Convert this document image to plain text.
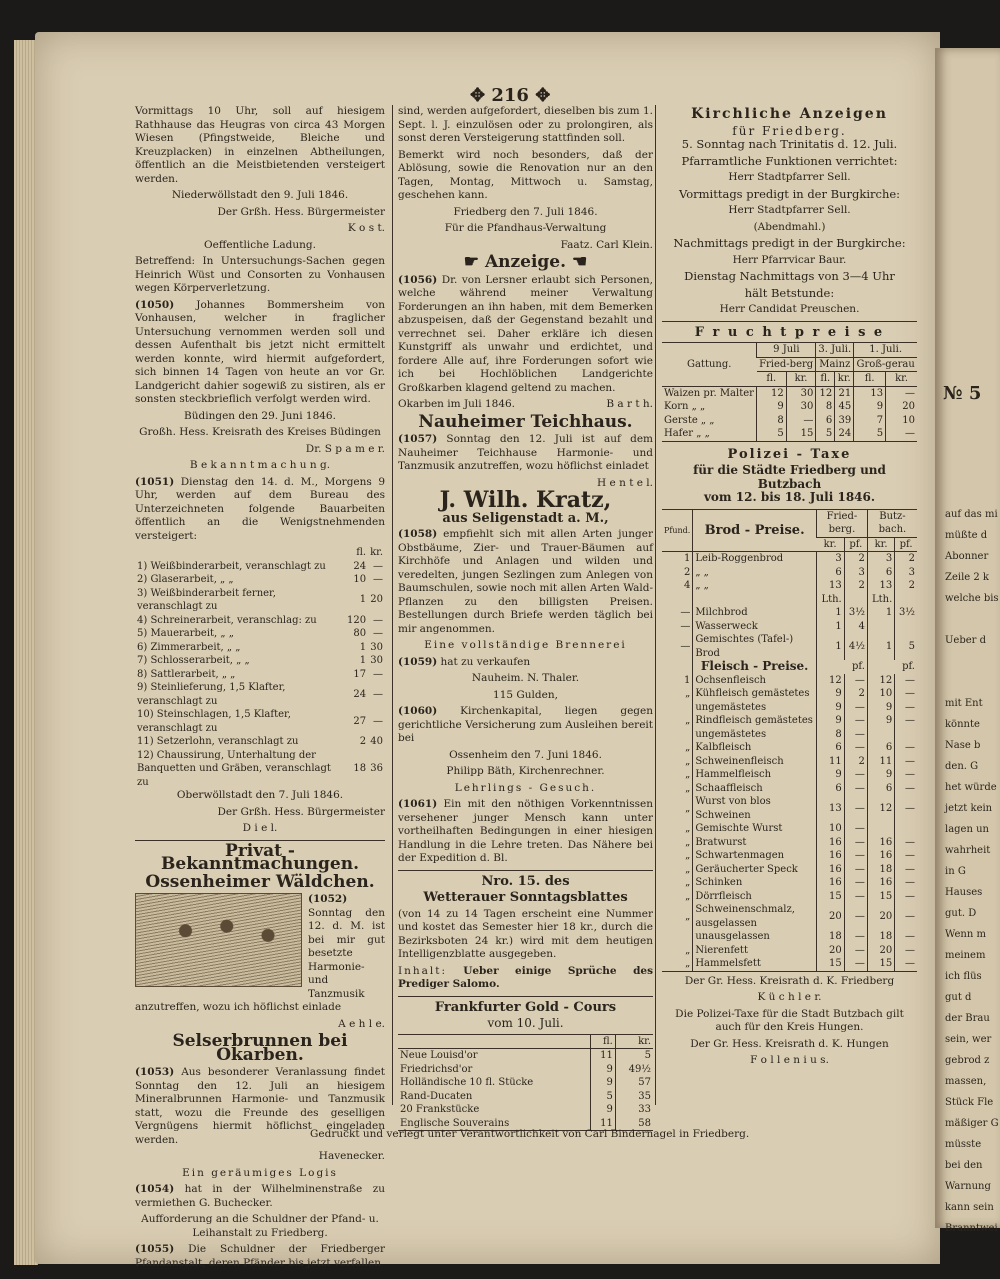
№ 5
auf das mi
müßte d
Abonner
Zeile 2 k
welche bis
Ueber d
mit Ent
könnte
Nase b
den. G
het würde
jetzt kein
lagen un
wahrheit
in G
Hauses
gut. D
Wenn m
meinem
ich flüs
gut d
der Brau
sein, wer
gebrod z
massen,
Stück Fle
mäßiger G
müsste
bei den
Warnung
kann sein
Branntwei
✥ 216 ✥

Vormittags 10 Uhr, soll auf hiesigem Rathhause das Heugras von circa 43 Morgen Wiesen (Pfingstweide, Bleiche und Kreuzplacken) in einzelnen Abtheilungen, öffentlich an die Meistbietenden versteigert werden.

Niederwöllstadt den 9. Juli 1846.

Der Grßh. Hess. Bürgermeister

K o s t.

Oeffentliche Ladung.

Betreffend: In Untersuchungs-Sachen gegen Heinrich Wüst und Consorten zu Vonhausen wegen Körperverletzung.

(1050) Johannes Bommersheim von Vonhausen, welcher in fraglicher Untersuchung vernommen werden soll und dessen Aufenthalt bis jetzt nicht ermittelt werden konnte, wird hiermit aufgefordert, sich binnen 14 Tagen von heute an vor Gr. Landgericht dahier sogewiß zu sistiren, als er sonsten steckbrieflich verfolgt werden wird.

Büdingen den 29. Juni 1846.

Großh. Hess. Kreisrath des Kreises Büdingen

Dr. S p a m e r.

B e k a n n t m a c h u n g.

(1051) Dienstag den 14. d. M., Morgens 9 Uhr, werden auf dem Bureau des Unterzeichneten folgende Bauarbeiten öffentlich an die Wenigstnehmenden versteigert:

	fl.	kr.
1) Weißbinderarbeit, veranschlagt zu	24	—
2) Glaserarbeit, „ „	10	—
3) Weißbinderarbeit ferner, veranschlagt zu	1	20
4) Schreinerarbeit, veranschlag: zu	120	—
5) Mauerarbeit, „ „	80	—
6) Zimmerarbeit, „ „	1	30
7) Schlosserarbeit, „ „	1	30
8) Sattlerarbeit, „ „	17	—
9) Steinlieferung, 1,5 Klafter, veranschlagt zu	24	—
10) Steinschlagen, 1,5 Klafter, veranschlagt zu	27	—
11) Setzerlohn, veranschlagt zu	2	40
12) Chaussirung, Unterhaltung der Banquetten und Gräben, veranschlagt zu	18	36

Oberwöllstadt den 7. Juli 1846.

Der Grßh. Hess. Bürgermeister

D i e l.

Privat - Bekanntmachungen.
Ossenheimer Wäldchen.

(1052) Sonntag den 12. d. M. ist bei mir gut besetzte Harmonie- und Tanzmusik anzutreffen, wozu ich höflichst einlade

A e h l e.

Selserbrunnen bei Okarben.

(1053) Aus besonderer Veranlassung findet Sonntag den 12. Juli an hiesigem Mineralbrunnen Harmonie- und Tanzmusik statt, wozu die Freunde des geselligen Vergnügens hiermit höflichst eingeladen werden.

Havenecker.

Ein geräumiges Logis

(1054) hat in der Wilhelminenstraße zu vermiethen G. Buchecker.

Aufforderung an die Schuldner der Pfand- u. Leihanstalt zu Friedberg.

(1055) Die Schuldner der Friedberger Pfandanstalt, deren Pfänder bis jetzt verfallen

sind, werden aufgefordert, dieselben bis zum 1. Sept. l. J. einzulösen oder zu prolongiren, als sonst deren Versteigerung stattfinden soll.

Bemerkt wird noch besonders, daß der Ablösung, sowie die Renovation nur an den Tagen, Montag, Mittwoch u. Samstag, geschehen kann.

Friedberg den 7. Juli 1846.

Für die Pfandhaus-Verwaltung

Faatz. Carl Klein.

☛ Anzeige. ☚

(1056) Dr. von Lersner erlaubt sich Personen, welche während meiner Verwaltung Forderungen an ihn haben, mit dem Bemerken abzuspeisen, daß der Gegenstand bezahlt und verrechnet sei. Daher erkläre ich diesen Kunstgriff als unwahr und erdichtet, und fordere Alle auf, ihre Forderungen sofort wie ich bei Hochlöblichen Landgerichte Großkarben klagend geltend zu machen.

Okarben im Juli 1846.	B a r t h.

Nauheimer Teichhaus.

(1057) Sonntag den 12. Juli ist auf dem Nauheimer Teichhause Harmonie- und Tanzmusik anzutreffen, wozu höflichst einladet

H e n t e l.

J. Wilh. Kratz,
aus Seligenstadt a. M.,

(1058) empfiehlt sich mit allen Arten junger Obstbäume, Zier- und Trauer-Bäumen auf Kirchhöfe und Anlagen und wilden und veredelten, jungen Sezlingen zum Anlegen von Baumschulen, sowie noch mit allen Arten Wald-Pflanzen zu den billigsten Preisen. Bestellungen durch Briefe werden täglich bei mir angenommen.

Eine vollständige Brennerei

(1059) hat zu verkaufen

Nauheim. N. Thaler.

115 Gulden,

(1060) Kirchenkapital, liegen gegen gerichtliche Versicherung zum Ausleihen bereit bei

Ossenheim den 7. Juni 1846.

Philipp Bäth, Kirchenrechner.

Lehrlings - Gesuch.

(1061) Ein mit den nöthigen Vorkenntnissen versehener junger Mensch kann unter vortheilhaften Bedingungen in einer hiesigen Handlung in die Lehre treten. Das Nähere bei der Expedition d. Bl.

Nro. 15. des
Wetterauer Sonntagsblattes

(von 14 zu 14 Tagen erscheint eine Nummer und kostet das Semester hier 18 kr., durch die Bezirksboten 24 kr.) wird mit dem heutigen Intelligenzblatte ausgegeben.

Inhalt: Ueber einige Sprüche des Prediger Salomo.

Frankfurter Gold - Cours
vom 10. Juli.
	fl.	kr.
Neue Louisd'or	11	5
Friedrichsd'or	9	49½
Holländische 10 fl. Stücke	9	57
Rand-Ducaten	5	35
20 Frankstücke	9	33
Englische Souverains	11	58
Kirchliche Anzeigen
für Friedberg.

5. Sonntag nach Trinitatis d. 12. Juli.

Pfarramtliche Funktionen verrichtet:

Herr Stadtpfarrer Sell.

Vormittags predigt in der Burgkirche:

Herr Stadtpfarrer Sell.

(Abendmahl.)

Nachmittags predigt in der Burgkirche:

Herr Pfarrvicar Baur.

Dienstag Nachmittags von 3—4 Uhr

hält Betstunde:

Herr Candidat Preuschen.

F r u c h t p r e i s e
Gattung.	9 Juli		3. Juli.		1. Juli.	
	Fried-berg		Mainz		Groß-gerau	
	fl.	kr.	fl.	kr.	fl.	kr.
Waizen pr. Malter	12	30	12	21	13	—
Korn „ „	9	30	8	45	9	20
Gerste „ „	8	—	6	39	7	10
Hafer „ „	5	15	5	24	5	—
Polizei - Taxe
für die Städte Friedberg und Butzbach
vom 12. bis 18. Juli 1846.
Pfund.	Brod - Preise.	Fried-berg.		Butz-bach.	
		kr.	pf.	kr.	pf.
1	Leib-Roggenbrod	3	2	3	2
2	„ „	6	3	6	3
4	„ „	13	2	13	2
		Lth.		Lth.	
—	Milchbrod	1	3½	1	3½
—	Wasserweck	1	4		
—	Gemischtes (Tafel-) Brod	1	4½	1	5
	Fleisch - Preise.	pf.		pf.	
1	Ochsenfleisch	12	—	12	—
„	Kühfleisch gemästetes	9	2	10	—
	ungemästetes	9	—	9	—
„	Rindfleisch gemästetes	9	—	9	—
	ungemästetes	8	—		
„	Kalbfleisch	6	—	6	—
„	Schweinenfleisch	11	2	11	—
„	Hammelfleisch	9	—	9	—
„	Schaaffleisch	6	—	6	—
„	Wurst von blos Schweinen	13	—	12	—
„	Gemischte Wurst	10	—		
„	Bratwurst	16	—	16	—
„	Schwartenmagen	16	—	16	—
„	Geräucherter Speck	16	—	18	—
„	Schinken	16	—	16	—
„	Dörrfleisch	15	—	15	—
„	Schweinenschmalz, ausgelassen	20	—	20	—
	unausgelassen	18	—	18	—
„	Nierenfett	20	—	20	—
„	Hammelsfett	15	—	15	—

Der Gr. Hess. Kreisrath d. K. Friedberg

K ü c h l e r.

Die Polizei-Taxe für die Stadt Butzbach gilt auch für den Kreis Hungen.

Der Gr. Hess. Kreisrath d. K. Hungen

F o l l e n i u s.

Gedruckt und verlegt unter Verantwortlichkeit von Carl Bindernagel in Friedberg.
